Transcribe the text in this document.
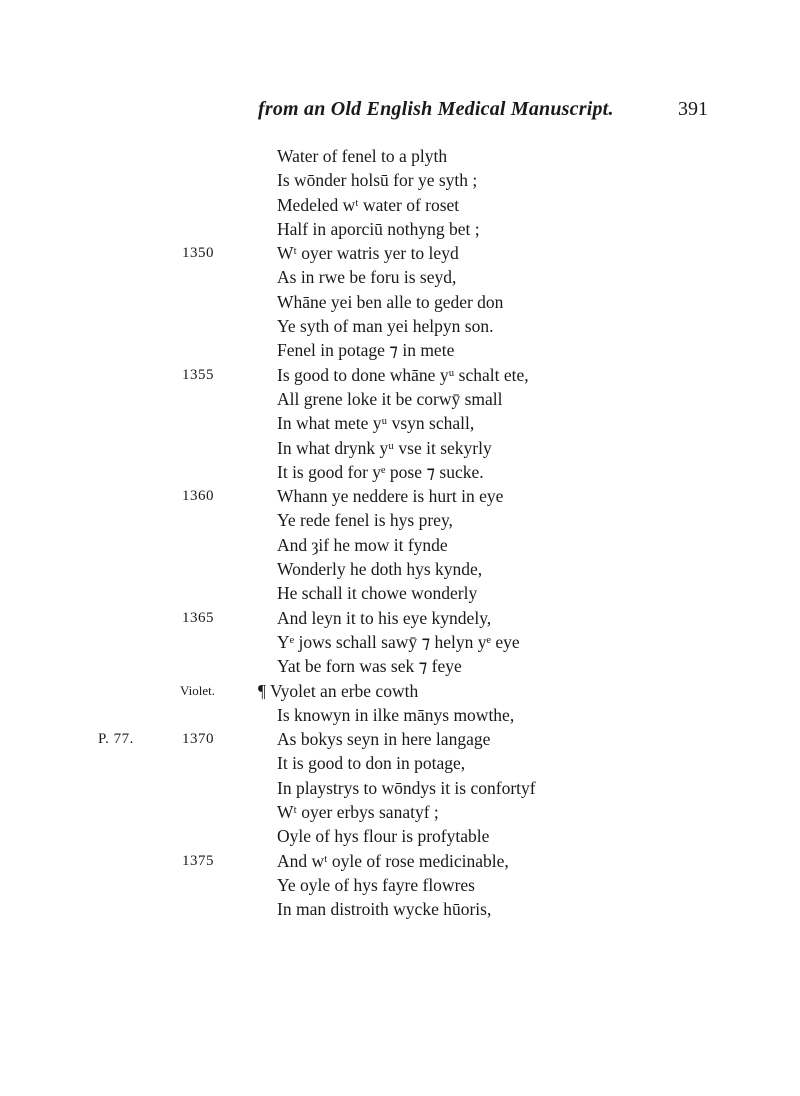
from an Old English Medical Manuscript.	391
Water of fenel to a plyth
Is wōnder holsū for ye syth ;
Medeled wᵗ water of roset
Half in aporciū nothyng bet ;
1350	Wᵗ oyer watris yer to leyd
As in rwe be foru is seyd,
Whāne yei ben alle to geder don
Ye syth of man yei helpyn son.
Fenel in potage ⁊ in mete
1355	Is good to done whāne yᵘ schalt ete,
All grene loke it be corwȳ small
In what mete yᵘ vsyn schall,
In what drynk yᵘ vse it sekyrly
It is good for yᵉ pose ⁊ sucke.
1360	Whann ye neddere is hurt in eye
Ye rede fenel is hys prey,
And ȝif he mow it fynde
Wonderly he doth hys kynde,
He schall it chowe wonderly
1365	And leyn it to his eye kyndely,
Yᵉ jows schall sawȳ ⁊ helyn yᵉ eye
Yat be forn was sek ⁊ feye
Violet. ¶ Vyolet an erbe cowth
Is knowyn in ilke mānys mowthe,
P. 77.	1370	As bokys seyn in here langage
It is good to don in potage,
In playstrys to wōndys it is confortyf
Wᵗ oyer erbys sanatyf ;
Oyle of hys flour is profytable
1375	And wᵗ oyle of rose medicinable,
Ye oyle of hys fayre flowres
In man distroith wycke hūoris,
